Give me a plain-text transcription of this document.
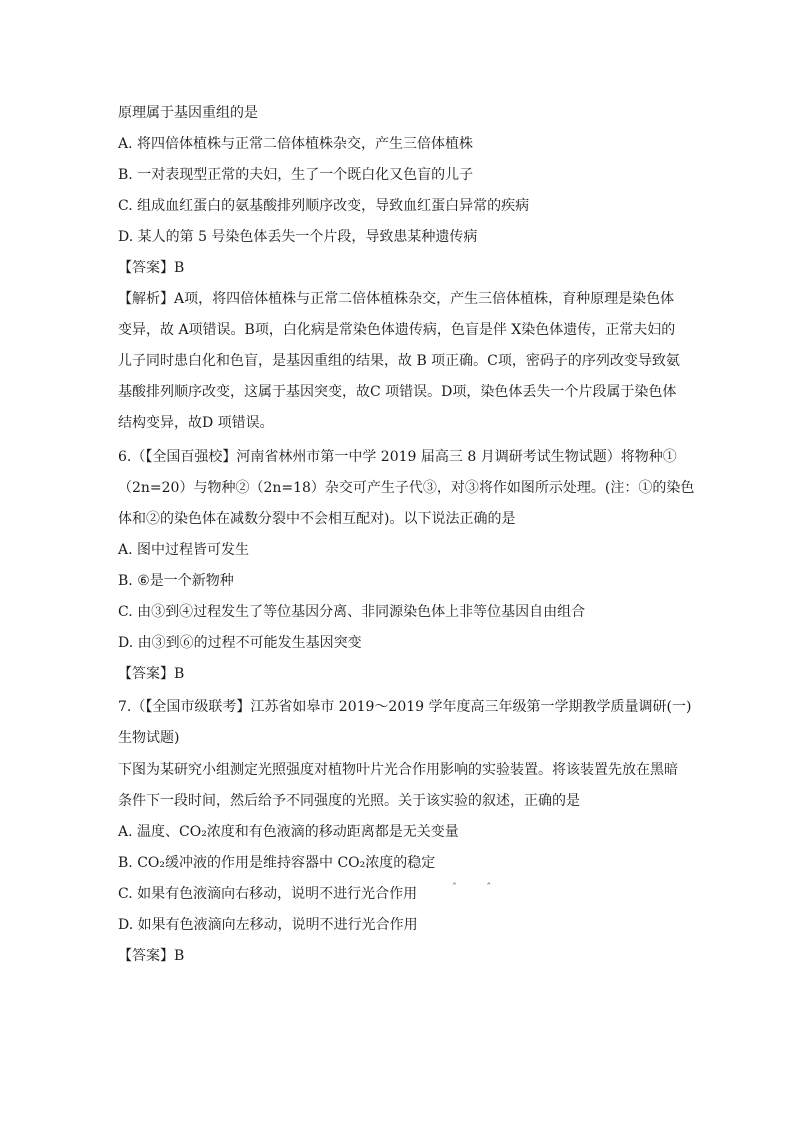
原理属于基因重组的是
A. 将四倍体植株与正常二倍体植株杂交，产生三倍体植株
B. 一对表现型正常的夫妇，生了一个既白化又色盲的儿子
C. 组成血红蛋白的氨基酸排列顺序改变，导致血红蛋白异常的疾病
D. 某人的第 5 号染色体丢失一个片段，导致患某种遗传病
【答案】B
【解析】A项，将四倍体植株与正常二倍体植株杂交，产生三倍体植株，育种原理是染色体
变异，故 A项错误。B项，白化病是常染色体遗传病，色盲是伴 X染色体遗传，正常夫妇的
儿子同时患白化和色盲，是基因重组的结果，故 B 项正确。C项，密码子的序列改变导致氨
基酸排列顺序改变，这属于基因突变，故C 项错误。D项，染色体丢失一个片段属于染色体
结构变异，故D 项错误。
6.（【全国百强校】河南省林州市第一中学 2019 届高三 8 月调研考试生物试题）将物种①
（2n=20）与物种②（2n=18）杂交可产生子代③，对③将作如图所示处理。(注：①的染色
体和②的染色体在减数分裂中不会相互配对)。以下说法正确的是
A. 图中过程皆可发生
B. ⑥是一个新物种
C. 由③到④过程发生了等位基因分离、非同源染色体上非等位基因自由组合
D. 由③到⑥的过程不可能发生基因突变
【答案】B
7.（【全国市级联考】江苏省如皋市 2019～2019 学年度高三年级第一学期教学质量调研(一)
生物试题)
下图为某研究小组测定光照强度对植物叶片光合作用影响的实验装置。将该装置先放在黑暗
条件下一段时间，然后给予不同强度的光照。关于该实验的叙述，正确的是
A. 温度、CO₂浓度和有色液滴的移动距离都是无关变量
B. CO₂缓冲液的作用是维持容器中 CO₂浓度的稳定
C. 如果有色液滴向右移动，说明不进行光合作用	ˆ	ˆ
D. 如果有色液滴向左移动，说明不进行光合作用
【答案】B
